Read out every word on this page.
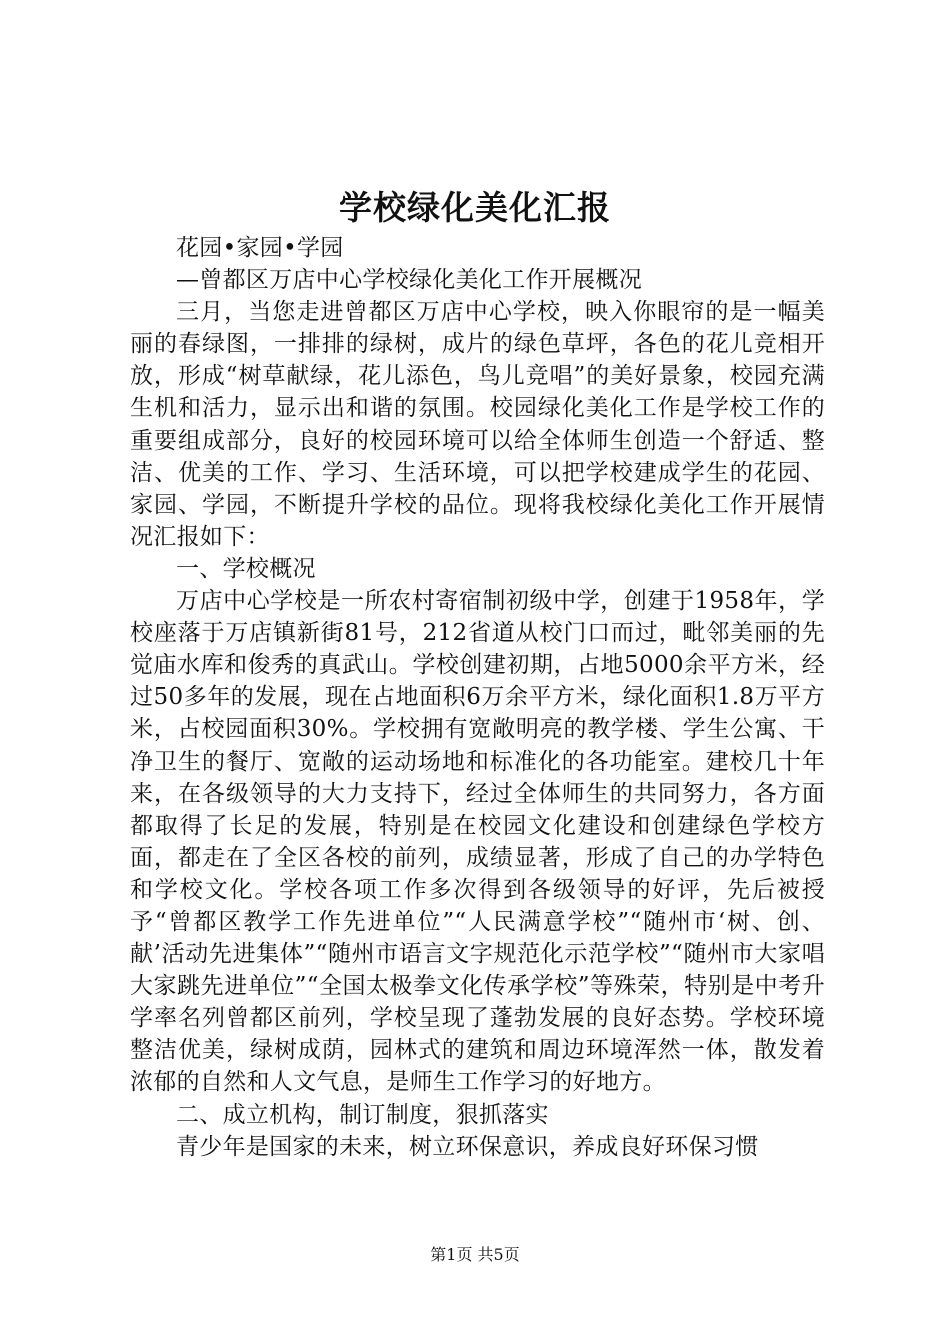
学校绿化美化汇报

花园•家园•学园

—曾都区万店中心学校绿化美化工作开展概况

三月，当您走进曾都区万店中心学校，映入你眼帘的是一幅美丽的春绿图，一排排的绿树，成片的绿色草坪，各色的花儿竞相开放，形成“树草献绿，花儿添色，鸟儿竞唱”的美好景象，校园充满生机和活力，显示出和谐的氛围。校园绿化美化工作是学校工作的重要组成部分，良好的校园环境可以给全体师生创造一个舒适、整洁、优美的工作、学习、生活环境，可以把学校建成学生的花园、家园、学园，不断提升学校的品位。现将我校绿化美化工作开展情况汇报如下：

一、学校概况

万店中心学校是一所农村寄宿制初级中学，创建于1958年，学校座落于万店镇新街81号，212省道从校门口而过，毗邻美丽的先觉庙水库和俊秀的真武山。学校创建初期，占地5000余平方米，经过50多年的发展，现在占地面积6万余平方米，绿化面积1.8万平方米，占校园面积30%。学校拥有宽敞明亮的教学楼、学生公寓、干净卫生的餐厅、宽敞的运动场地和标准化的各功能室。建校几十年来，在各级领导的大力支持下，经过全体师生的共同努力，各方面都取得了长足的发展，特别是在校园文化建设和创建绿色学校方面，都走在了全区各校的前列，成绩显著，形成了自己的办学特色和学校文化。学校各项工作多次得到各级领导的好评，先后被授予“曾都区教学工作先进单位”“人民满意学校”“随州市‘树、创、献’活动先进集体”“随州市语言文字规范化示范学校”“随州市大家唱大家跳先进单位”“全国太极拳文化传承学校”等殊荣，特别是中考升学率名列曾都区前列，学校呈现了蓬勃发展的良好态势。学校环境整洁优美，绿树成荫，园林式的建筑和周边环境浑然一体，散发着浓郁的自然和人文气息，是师生工作学习的好地方。

二、成立机构，制订制度，狠抓落实

青少年是国家的未来，树立环保意识，养成良好环保习惯

第1页 共5页
